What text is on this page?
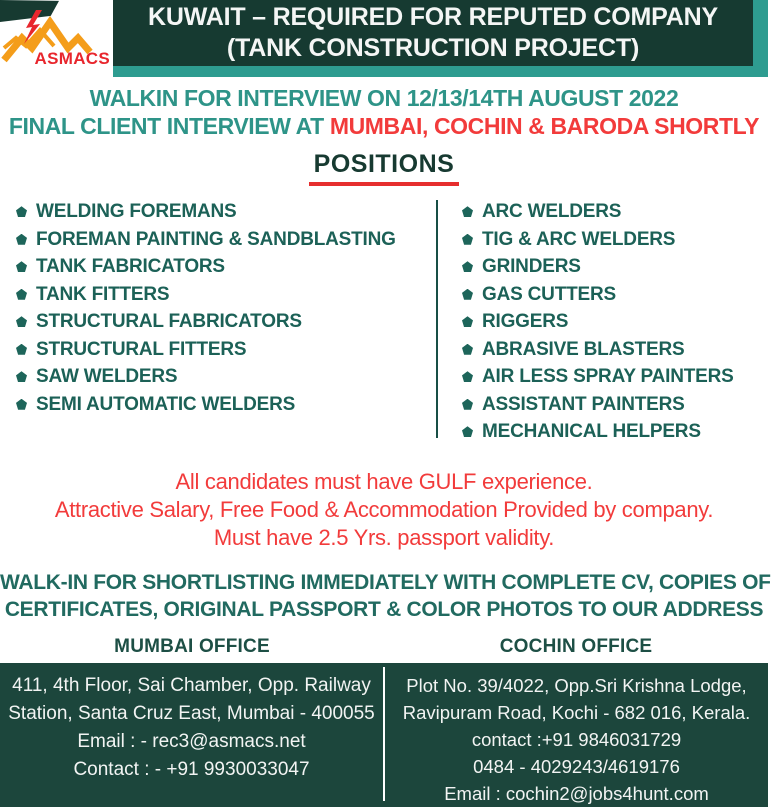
ASMACS
KUWAIT – REQUIRED FOR REPUTED COMPANY
(TANK CONSTRUCTION PROJECT)
WALKIN FOR INTERVIEW ON 12/13/14TH AUGUST 2022
FINAL CLIENT INTERVIEW AT MUMBAI, COCHIN & BARODA SHORTLY
POSITIONS
WELDING FOREMANS
FOREMAN PAINTING & SANDBLASTING
TANK FABRICATORS
TANK FITTERS
STRUCTURAL FABRICATORS
STRUCTURAL FITTERS
SAW WELDERS
SEMI AUTOMATIC WELDERS
ARC WELDERS
TIG & ARC WELDERS
GRINDERS
GAS CUTTERS
RIGGERS
ABRASIVE BLASTERS
AIR LESS SPRAY PAINTERS
ASSISTANT PAINTERS
MECHANICAL HELPERS
All candidates must have GULF experience.
Attractive Salary, Free Food & Accommodation Provided by company.
Must have 2.5 Yrs. passport validity.
WALK-IN FOR SHORTLISTING IMMEDIATELY WITH COMPLETE CV, COPIES OF
CERTIFICATES, ORIGINAL PASSPORT & COLOR PHOTOS TO OUR ADDRESS
MUMBAI OFFICE	COCHIN OFFICE
411, 4th Floor, Sai Chamber, Opp. Railway
Station, Santa Cruz East, Mumbai - 400055
Email : - rec3@asmacs.net
Contact : - +91 9930033047
Plot No. 39/4022, Opp.Sri Krishna Lodge,
Ravipuram Road, Kochi - 682 016, Kerala.
contact :+91 9846031729
0484 - 4029243/4619176
Email : cochin2@jobs4hunt.com
